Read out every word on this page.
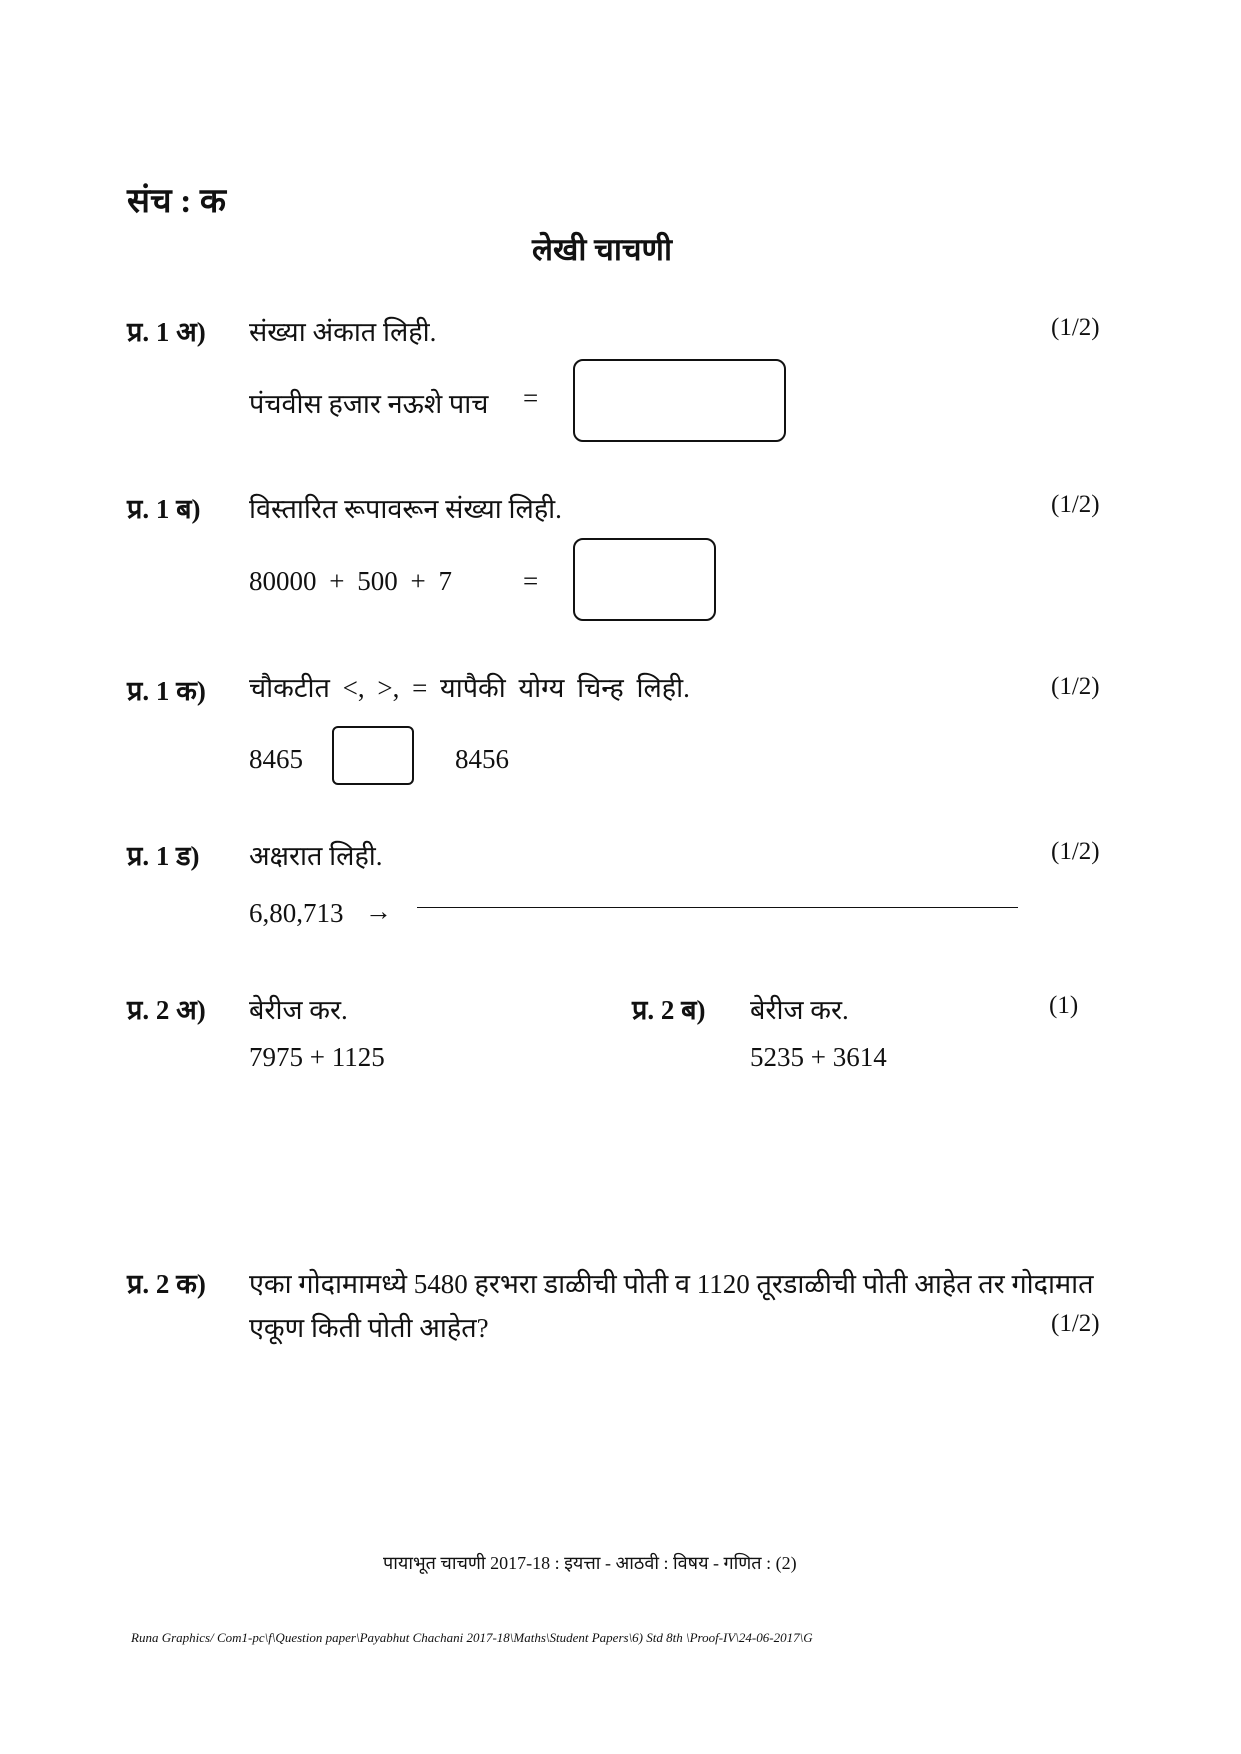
संच : क
लेखी चाचणी
प्र. 1 अ) संख्या अंकात लिही.	(1/2)
पंचवीस हजार नऊशे पाच =
प्र. 1 ब) विस्तारित रूपावरून संख्या लिही.	(1/2)
80000 + 500 + 7	=
प्र. 1 क) चौकटीत <, >, = यापैकी योग्य चिन्ह लिही.	(1/2)
8465	8456
प्र. 1 ड) अक्षरात लिही.	(1/2)
6,80,713 →
प्र. 2 अ) बेरीज कर.
7975 + 1125
प्र. 2 ब) बेरीज कर.	(1)
5235 + 3614
प्र. 2 क) एका गोदामामध्ये 5480 हरभरा डाळीची पोती व 1120 तूरडाळीची पोती आहेत तर गोदामात
एकूण किती पोती आहेत?	(1/2)
पायाभूत चाचणी 2017-18 : इयत्ता - आठवी : विषय - गणित : (2)
Runa Graphics/ Com1-pc\f\Question paper\Payabhut Chachani 2017-18\Maths\Student Papers\6) Std 8th \Proof-IV\24-06-2017\G
